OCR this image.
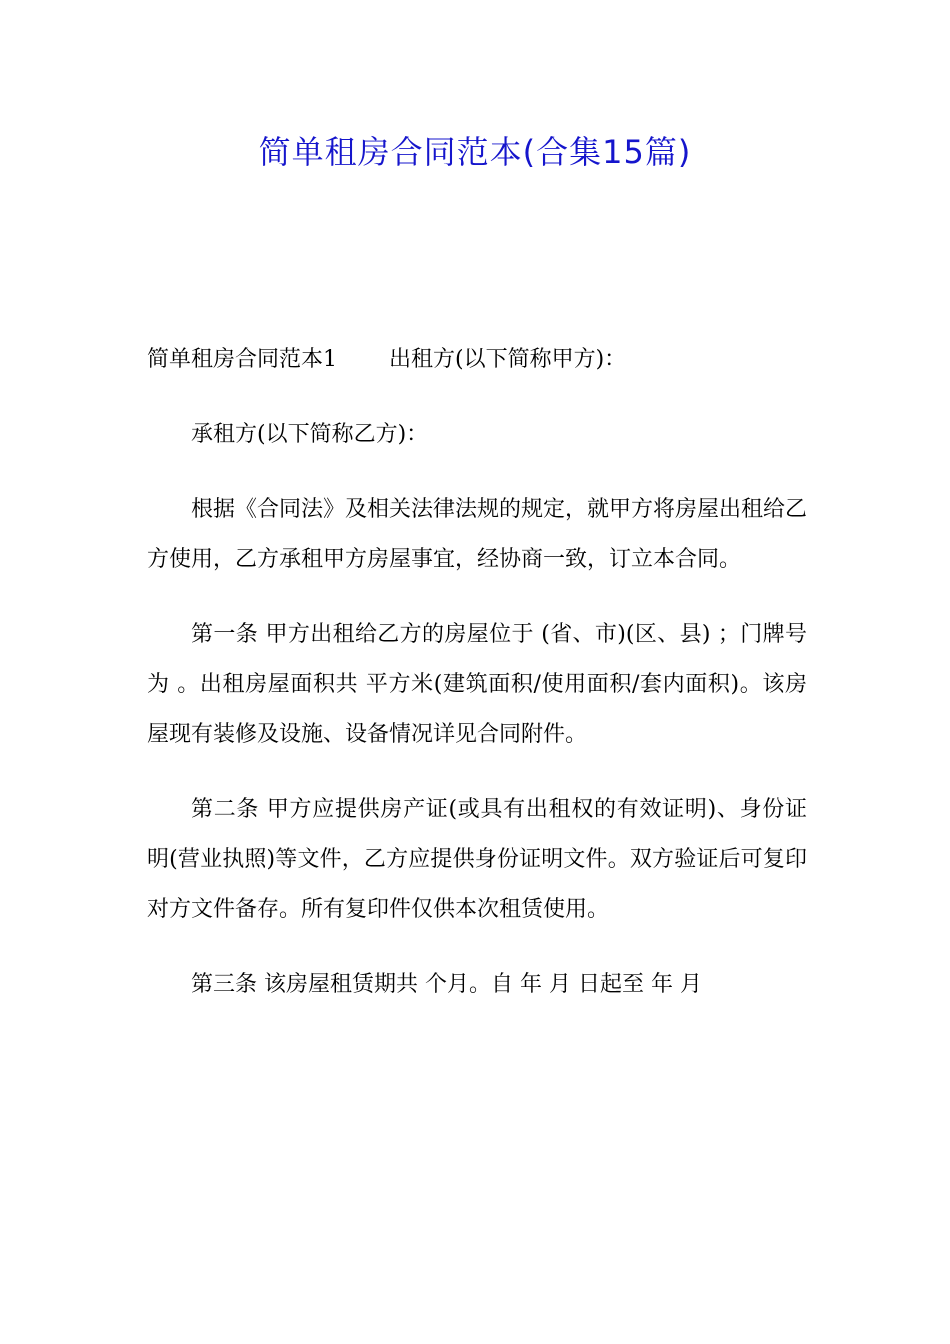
简单租房合同范本(合集15篇)

简单租房合同范本1 出租方(以下简称甲方)：

承租方(以下简称乙方)：

根据《合同法》及相关法律法规的规定，就甲方将房屋出租给乙方使用，乙方承租甲方房屋事宜，经协商一致，订立本合同。

第一条 甲方出租给乙方的房屋位于 (省、市)(区、县) ；门牌号为 。出租房屋面积共 平方米(建筑面积/使用面积/套内面积)。该房屋现有装修及设施、设备情况详见合同附件。

第二条 甲方应提供房产证(或具有出租权的有效证明)、身份证明(营业执照)等文件，乙方应提供身份证明文件。双方验证后可复印对方文件备存。所有复印件仅供本次租赁使用。

第三条 该房屋租赁期共 个月。自 年 月 日起至 年 月
